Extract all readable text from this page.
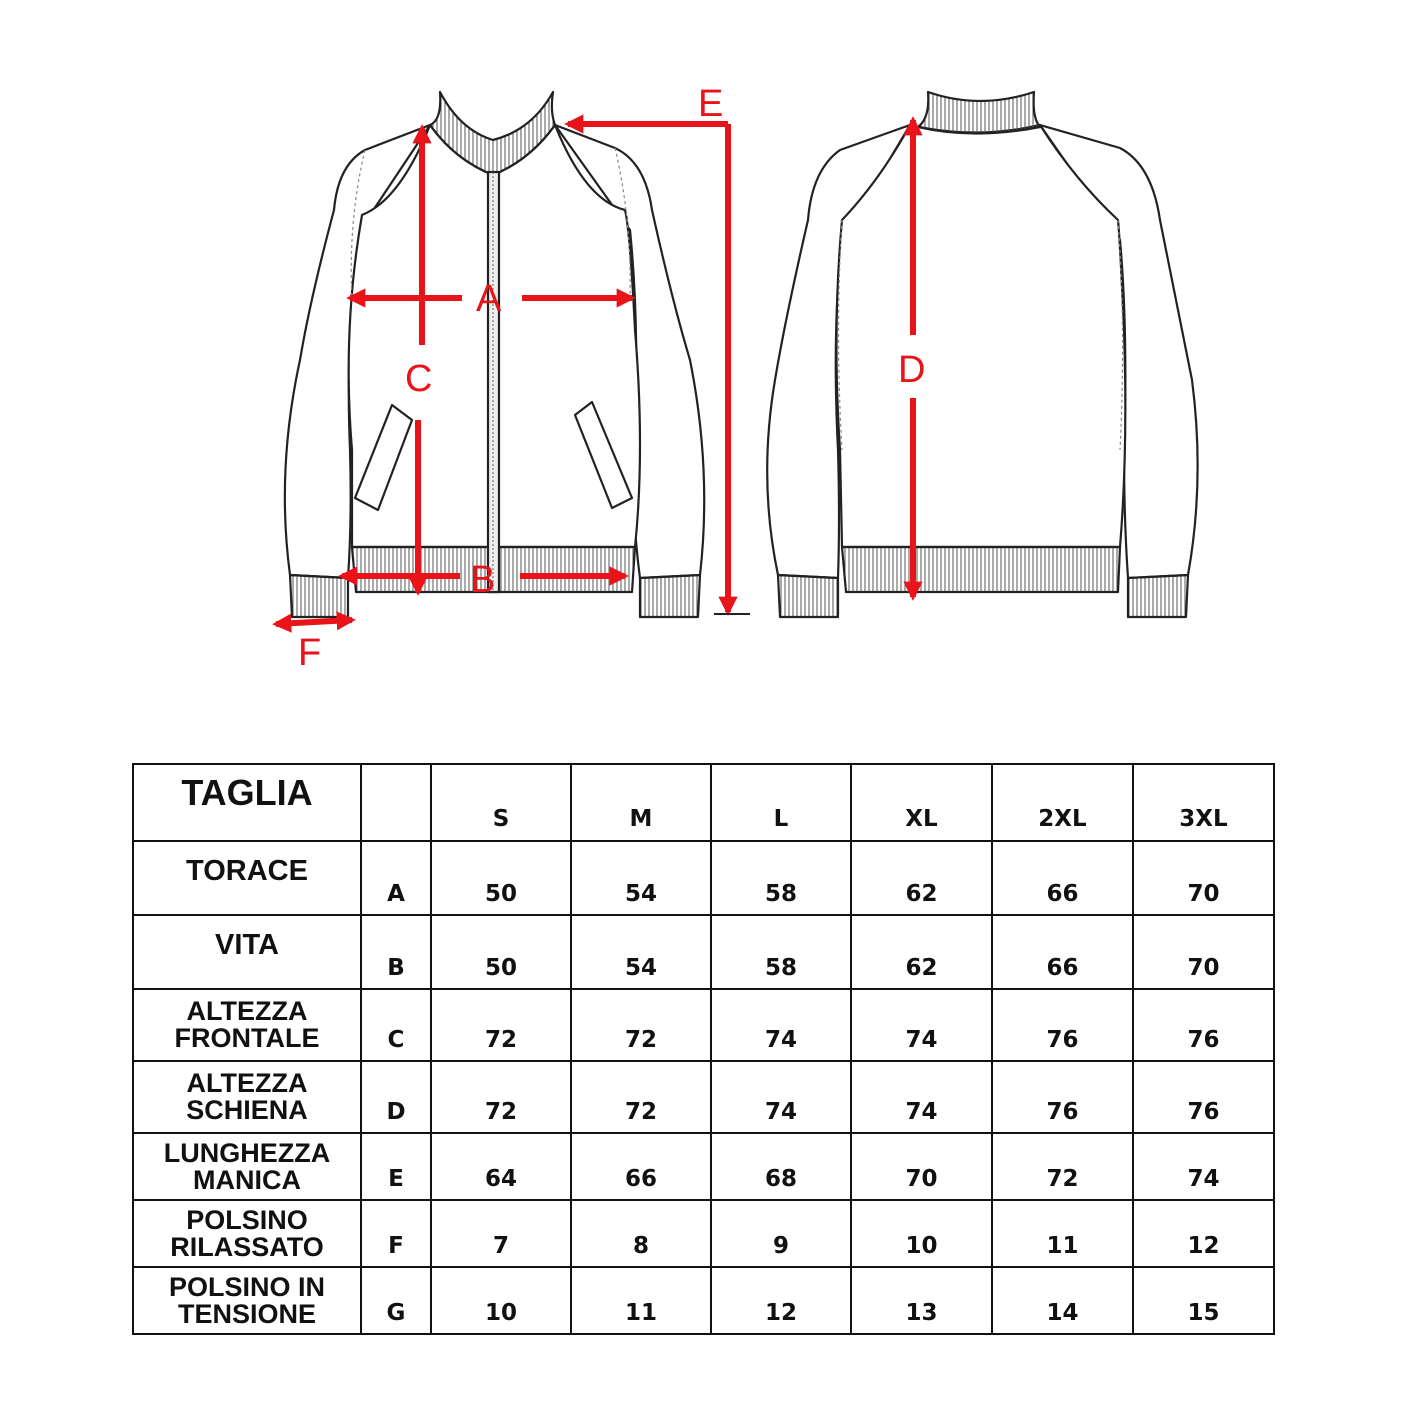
A
B
C	D
E
F
TAGLIA		S	M	L	XL	2XL	3XL

TORACE	A	50	54	58	62	66	70

VITA	B	50	54	58	62	66	70

ALTEZZA
FRONTALE	C	72	72	74	74	76	76

ALTEZZA
SCHIENA	D	72	72	74	74	76	76

LUNGHEZZA
MANICA	E	64	66	68	70	72	74

POLSINO
RILASSATO	F	7	8	9	10	11	12

POLSINO IN
TENSIONE	G	10	11	12	13	14	15
